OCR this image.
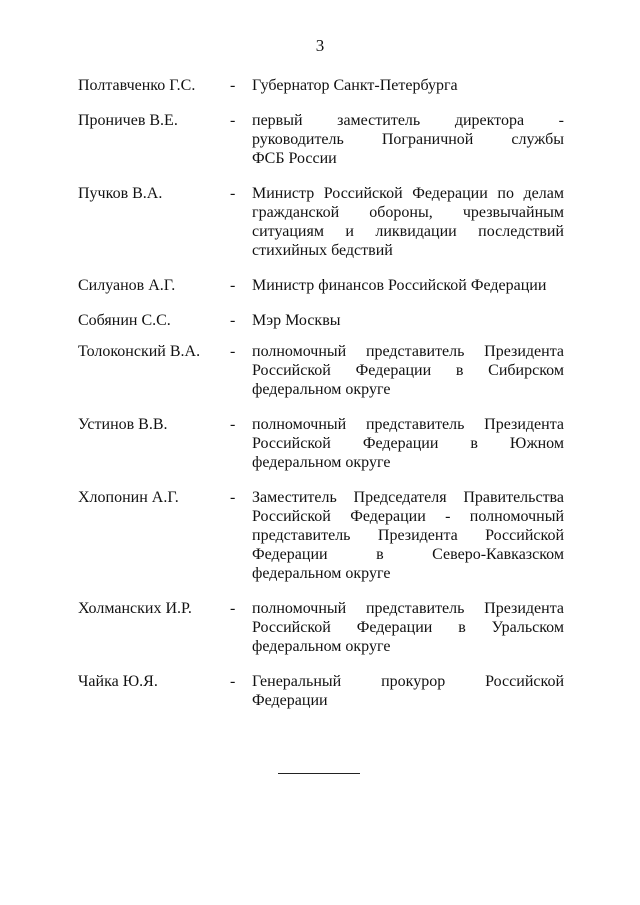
3
Полтавченко Г.С.	-	Губернатор Санкт-Петербурга
Проничев В.Е.	-	первый заместитель директора -
руководитель Пограничной службы
ФСБ России
Пучков В.А.	-	Министр Российской Федерации по делам
гражданской обороны, чрезвычайным
ситуациям и ликвидации последствий
стихийных бедствий
Силуанов А.Г.	-	Министр финансов Российской Федерации
Собянин С.С.	-	Мэр Москвы
Толоконский В.А.	-	полномочный представитель Президента
Российской Федерации в Сибирском
федеральном округе
Устинов В.В.	-	полномочный представитель Президента
Российской Федерации в Южном
федеральном округе
Хлопонин А.Г.	-	Заместитель Председателя Правительства
Российской Федерации - полномочный
представитель Президента Российской
Федерации в Северо-Кавказском
федеральном округе
Холманских И.Р.	-	полномочный представитель Президента
Российской Федерации в Уральском
федеральном округе
Чайка Ю.Я.	-	Генеральный прокурор Российской
Федерации
